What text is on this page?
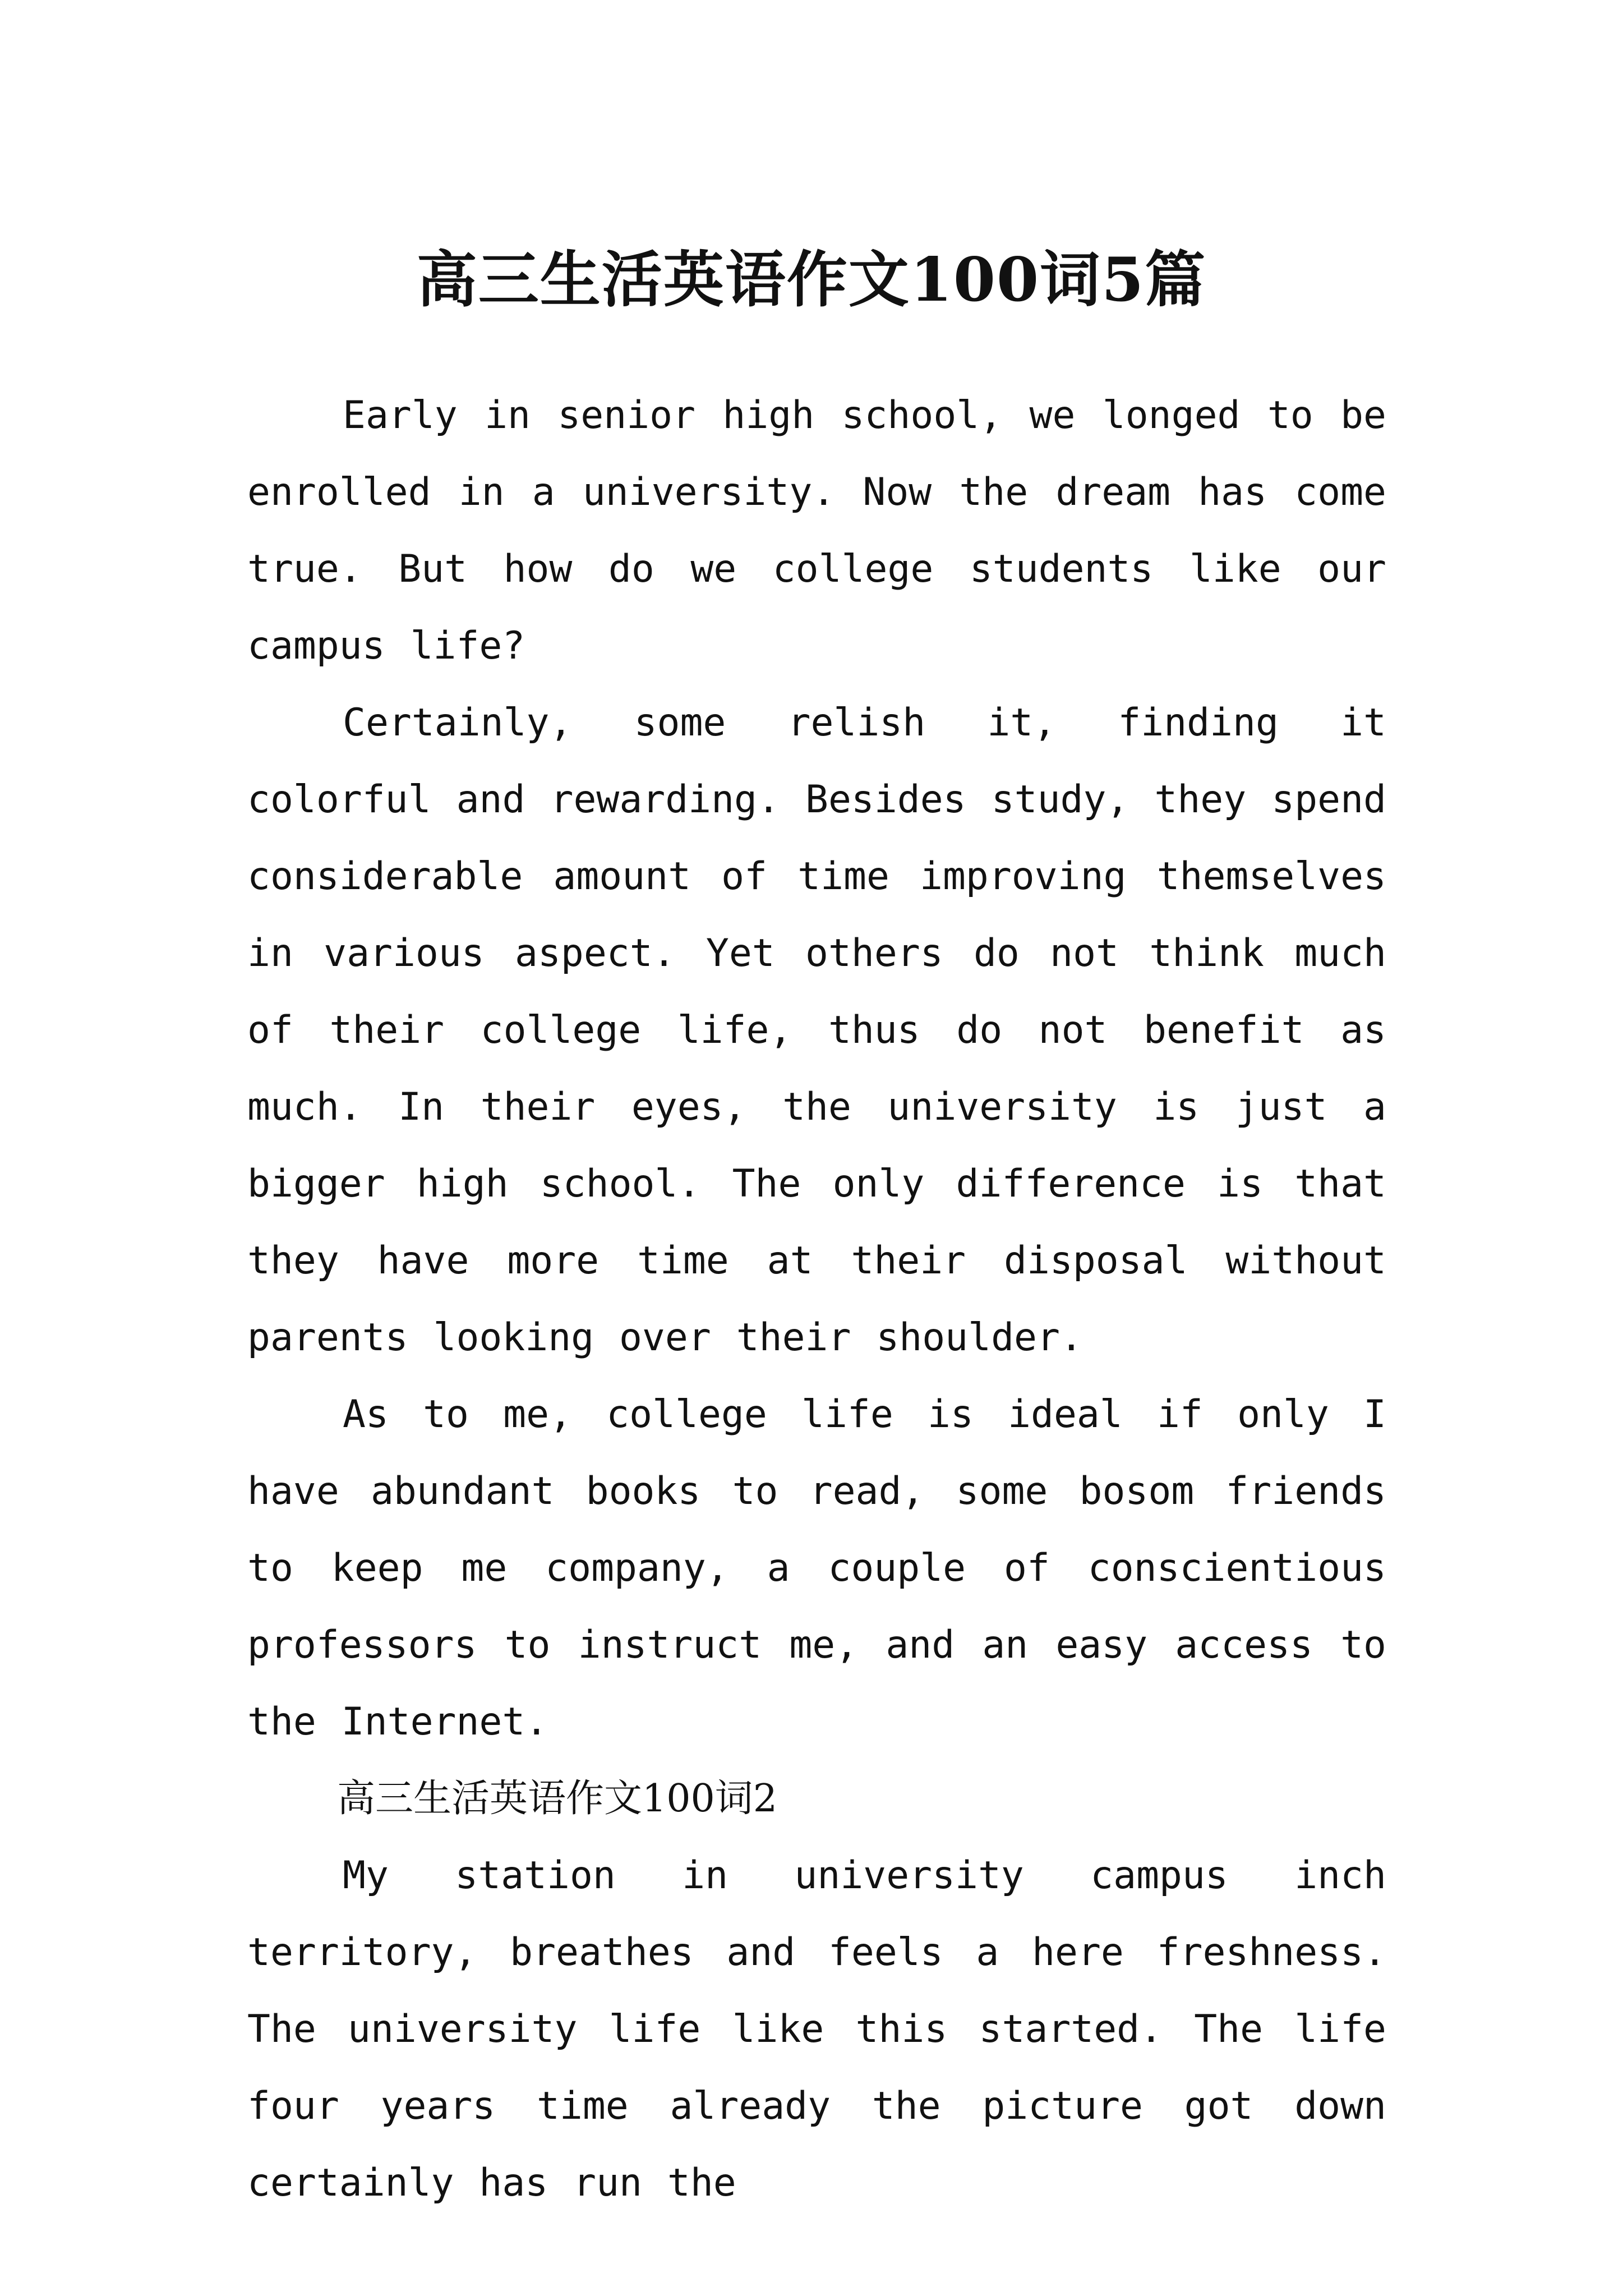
高三生活英语作文100词5篇

Early in senior high school, we longed to be enrolled in a university. Now the dream has come true. But how do we college students like our campus life?

Certainly, some relish it, finding it colorful and rewarding. Besides study, they spend considerable amount of time improving themselves in various aspect. Yet others do not think much of their college life, thus do not benefit as much. In their eyes, the university is just a bigger high school. The only difference is that they have more time at their disposal without parents looking over their shoulder.

As to me, college life is ideal if only I have abundant books to read, some bosom friends to keep me company, a couple of conscientious professors to instruct me, and an easy access to the Internet.

高三生活英语作文100词2

My station in university campus inch territory, breathes and feels a here freshness. The university life like this started. The life four years time already the picture got down certainly has run the
